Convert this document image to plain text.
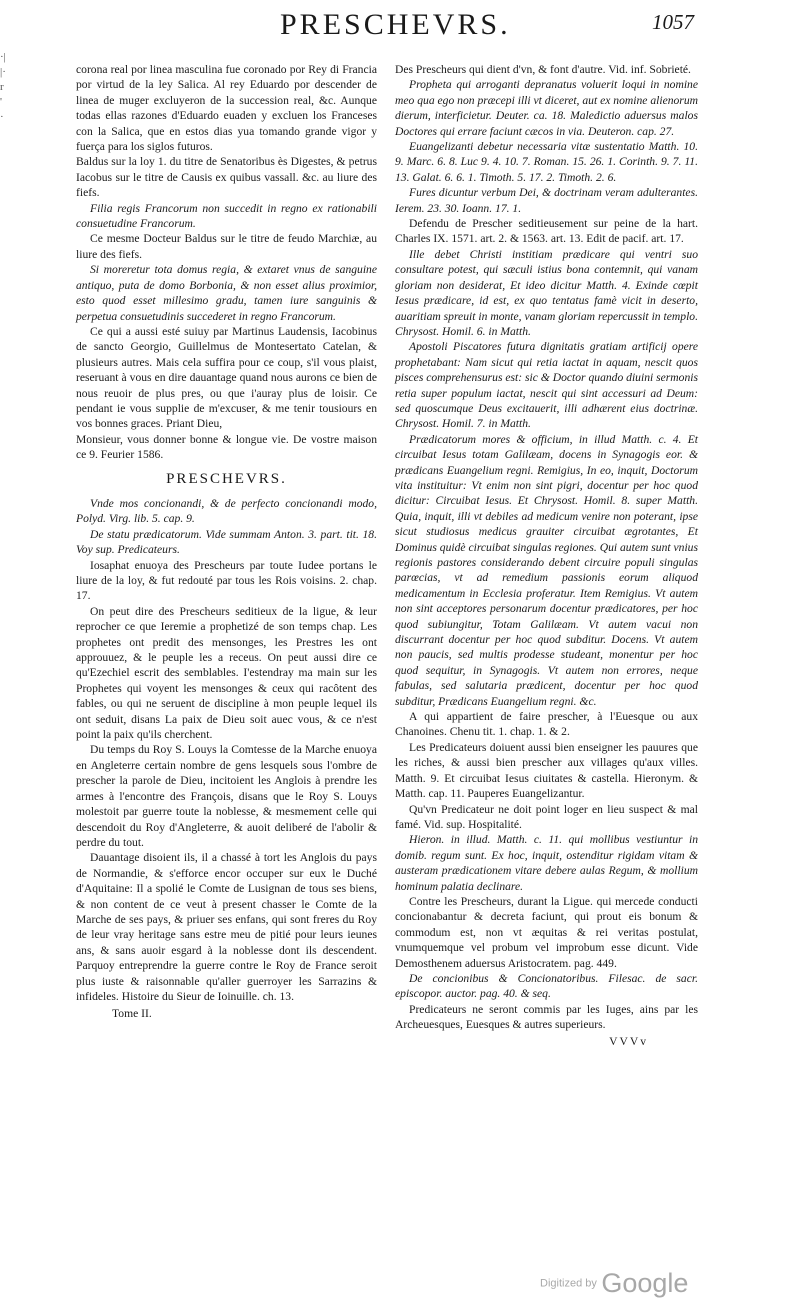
·|
|·
r
'
·
PRESCHEVRS.	1057

corona real por linea masculina fue coronado por Rey di Francia por virtud de la ley Salica. Al rey Eduardo por descender de linea de muger excluyeron de la succession real, &c. Aunque todas ellas razones d'Eduardo euaden y excluen los Franceses con la Salica, que en estos dias yua tomando grande vigor y fuerça para los siglos futuros.

Baldus sur la loy 1. du titre de Senatoribus ès Digestes, & petrus Iacobus sur le titre de Causis ex quibus vassall. &c. au liure des fiefs.

Filia regis Francorum non succedit in regno ex rationabili consuetudine Francorum.

Ce mesme Docteur Baldus sur le titre de feudo Marchiæ, au liure des fiefs.

Si moreretur tota domus regia, & extaret vnus de sanguine antiquo, puta de domo Borbonia, & non esset alius proximior, esto quod esset millesimo gradu, tamen iure sanguinis & perpetua consuetudinis succederet in regno Francorum.

Ce qui a aussi esté suiuy par Martinus Laudensis, Iacobinus de sancto Georgio, Guillelmus de Montesertato Catelan, & plusieurs autres. Mais cela suffira pour ce coup, s'il vous plaist, reseruant à vous en dire dauantage quand nous aurons ce bien de nous reuoir de plus pres, ou que i'auray plus de loisir. Ce pendant ie vous supplie de m'excuser, & me tenir tousiours en vos bonnes graces. Priant Dieu,

Monsieur, vous donner bonne & longue vie. De vostre maison ce 9. Feurier 1586.

PRESCHEVRS.

Vnde mos concionandi, & de perfecto concionandi modo, Polyd. Virg. lib. 5. cap. 9.

De statu prædicatorum. Vide summam Anton. 3. part. tit. 18. Voy sup. Predicateurs.

Iosaphat enuoya des Prescheurs par toute Iudee portans le liure de la loy, & fut redouté par tous les Rois voisins. 2. chap. 17.

On peut dire des Prescheurs seditieux de la ligue, & leur reprocher ce que Ieremie a prophetizé de son temps chap. Les prophetes ont predit des mensonges, les Prestres les ont approuuez, & le peuple les a receus. On peut aussi dire ce qu'Ezechiel escrit des semblables. I'estendray ma main sur les Prophetes qui voyent les mensonges & ceux qui racôtent des fables, ou qui ne seruent de discipline à mon peuple lequel ils ont seduit, disans La paix de Dieu soit auec vous, & ce n'est point la paix qu'ils cherchent.

Du temps du Roy S. Louys la Comtesse de la Marche enuoya en Angleterre certain nombre de gens lesquels sous l'ombre de prescher la parole de Dieu, incitoient les Anglois à prendre les armes à l'encontre des François, disans que le Roy S. Louys molestoit par guerre toute la noblesse, & mesmement celle qui descendoit du Roy d'Angleterre, & auoit deliberé de l'abolir & perdre du tout.

Dauantage disoient ils, il a chassé à tort les Anglois du pays de Normandie, & s'efforce encor occuper sur eux le Duché d'Aquitaine: Il a spolié le Comte de Lusignan de tous ses biens, & non content de ce veut à present chasser le Comte de la Marche de ses pays, & priuer ses enfans, qui sont freres du Roy de leur vray heritage sans estre meu de pitié pour leurs ieunes ans, & sans auoir esgard à la noblesse dont ils descendent. Parquoy entreprendre la guerre contre le Roy de France seroit plus iuste & raisonnable qu'aller guerroyer les Sarrazins & infideles. Histoire du Sieur de Ioinuille. ch. 13.

Tome II.

Des Prescheurs qui dient d'vn, & font d'autre. Vid. inf. Sobrieté.

Propheta qui arroganti depranatus voluerit loqui in nomine meo qua ego non præcepi illi vt diceret, aut ex nomine alienorum dierum, interficietur. Deuter. ca. 18. Maledictio aduersus malos Doctores qui errare faciunt cæcos in via. Deuteron. cap. 27.

Euangelizanti debetur necessaria vitæ sustentatio Matth. 10. 9. Marc. 6. 8. Luc 9. 4. 10. 7. Roman. 15. 26. 1. Corinth. 9. 7. 11. 13. Galat. 6. 6. 1. Timoth. 5. 17. 2. Timoth. 2. 6.

Fures dicuntur verbum Dei, & doctrinam veram adulterantes. Ierem. 23. 30. Ioann. 17. 1.

Defendu de Prescher seditieusement sur peine de la hart. Charles IX. 1571. art. 2. & 1563. art. 13. Edit de pacif. art. 17.

Ille debet Christi institiam prædicare qui ventri suo consultare potest, qui sæculi istius bona contemnit, qui vanam gloriam non desiderat, Et ideo dicitur Matth. 4. Exinde cœpit Iesus prædicare, id est, ex quo tentatus famè vicit in deserto, auaritiam spreuit in monte, vanam gloriam repercussit in templo. Chrysost. Homil. 6. in Matth.

Apostoli Piscatores futura dignitatis gratiam artificij opere prophetabant: Nam sicut qui retia iactat in aquam, nescit quos pisces comprehensurus est: sic & Doctor quando diuini sermonis retia super populum iactat, nescit qui sint accessuri ad Deum: sed quoscumque Deus excitauerit, illi adhærent eius doctrinæ. Chrysost. Homil. 7. in Matth.

Prædicatorum mores & officium, in illud Matth. c. 4. Et circuibat Iesus totam Galilæam, docens in Synagogis eor. & prædicans Euangelium regni. Remigius, In eo, inquit, Doctorum vita instituitur: Vt enim non sint pigri, docentur per hoc quod dicitur: Circuibat Iesus. Et Chrysost. Homil. 8. super Matth. Quia, inquit, illi vt debiles ad medicum venire non poterant, ipse sicut studiosus medicus grauiter circuibat ægrotantes, Et Dominus quidè circuibat singulas regiones. Qui autem sunt vnius regionis pastores considerando debent circuire populi singulas parœcias, vt ad remedium passionis eorum aliquod medicamentum in Ecclesia proferatur. Item Remigius. Vt autem non sint acceptores personarum docentur prædicatores, per hoc quod subiungitur, Totam Galilæam. Vt autem vacui non discurrant docentur per hoc quod subditur. Docens. Vt autem non paucis, sed multis prodesse studeant, monentur per hoc quod sequitur, in Synagogis. Vt autem non errores, neque fabulas, sed salutaria prædicent, docentur per hoc quod subditur, Prædicans Euangelium regni. &c.

A qui appartient de faire prescher, à l'Euesque ou aux Chanoines. Chenu tit. 1. chap. 1. & 2.

Les Predicateurs doiuent aussi bien enseigner les pauures que les riches, & aussi bien prescher aux villages qu'aux villes. Matth. 9. Et circuibat Iesus ciuitates & castella. Hieronym. & Matth. cap. 11. Pauperes Euangelizantur.

Qu'vn Predicateur ne doit point loger en lieu suspect & mal famé. Vid. sup. Hospitalité.

Hieron. in illud. Matth. c. 11. qui mollibus vestiuntur in domib. regum sunt. Ex hoc, inquit, ostenditur rigidam vitam & austeram prædicationem vitare debere aulas Regum, & mollium hominum palatia declinare.

Contre les Prescheurs, durant la Ligue. qui mercede conducti concionabantur & decreta faciunt, qui prout eis bonum & commodum est, non vt æquitas & rei veritas postulat, vnumquemque vel probum vel improbum esse dicunt. Vide Demosthenem aduersus Aristocratem. pag. 449.

De concionibus & Concionatoribus. Filesac. de sacr. episcopor. auctor. pag. 40. & seq.

Predicateurs ne seront commis par les Iuges, ains par les Archeuesques, Euesques & autres superieurs.

VVVv

Digitized by Google
